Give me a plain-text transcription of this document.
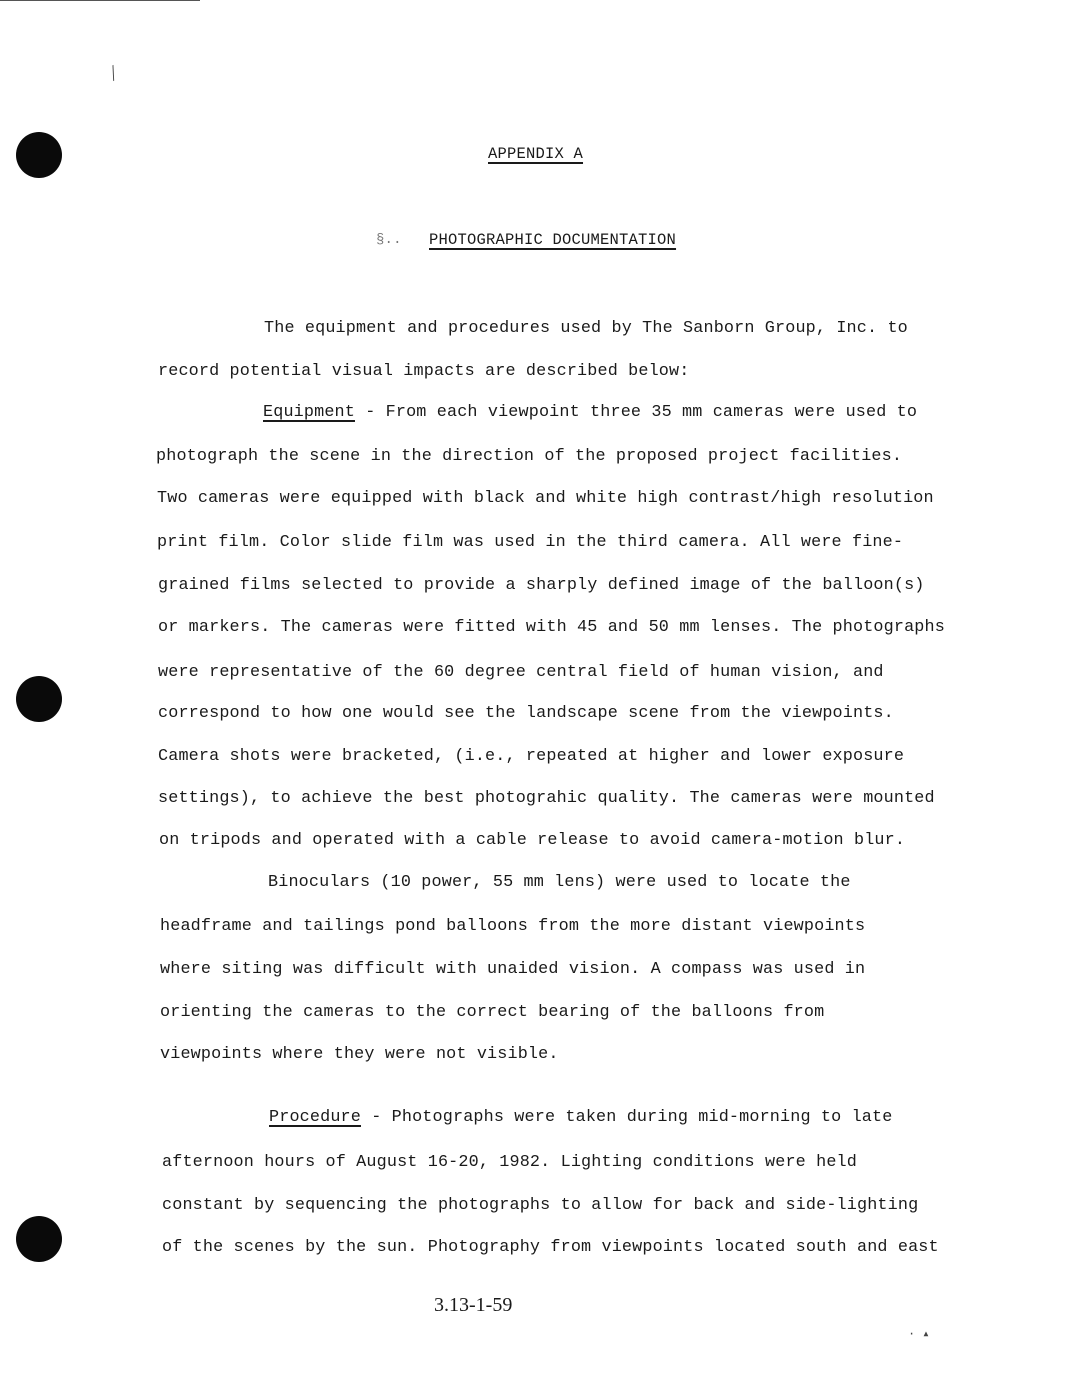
╱
· ▴
APPENDIX A
§.. PHOTOGRAPHIC DOCUMENTATION
The equipment and procedures used by The Sanborn Group, Inc. to
record potential visual impacts are described below:
Equipment - From each viewpoint three 35 mm cameras were used to
photograph the scene in the direction of the proposed project facilities.
Two cameras were equipped with black and white high contrast/high resolution
print film. Color slide film was used in the third camera. All were fine-
grained films selected to provide a sharply defined image of the balloon(s)
or markers. The cameras were fitted with 45 and 50 mm lenses. The photographs
were representative of the 60 degree central field of human vision, and
correspond to how one would see the landscape scene from the viewpoints.
Camera shots were bracketed, (i.e., repeated at higher and lower exposure
settings), to achieve the best photograhic quality. The cameras were mounted
on tripods and operated with a cable release to avoid camera-motion blur.
Binoculars (10 power, 55 mm lens) were used to locate the
headframe and tailings pond balloons from the more distant viewpoints
where siting was difficult with unaided vision. A compass was used in
orienting the cameras to the correct bearing of the balloons from
viewpoints where they were not visible.
Procedure - Photographs were taken during mid-morning to late
afternoon hours of August 16-20, 1982. Lighting conditions were held
constant by sequencing the photographs to allow for back and side-lighting
of the scenes by the sun. Photography from viewpoints located south and east
3.13-1-59
